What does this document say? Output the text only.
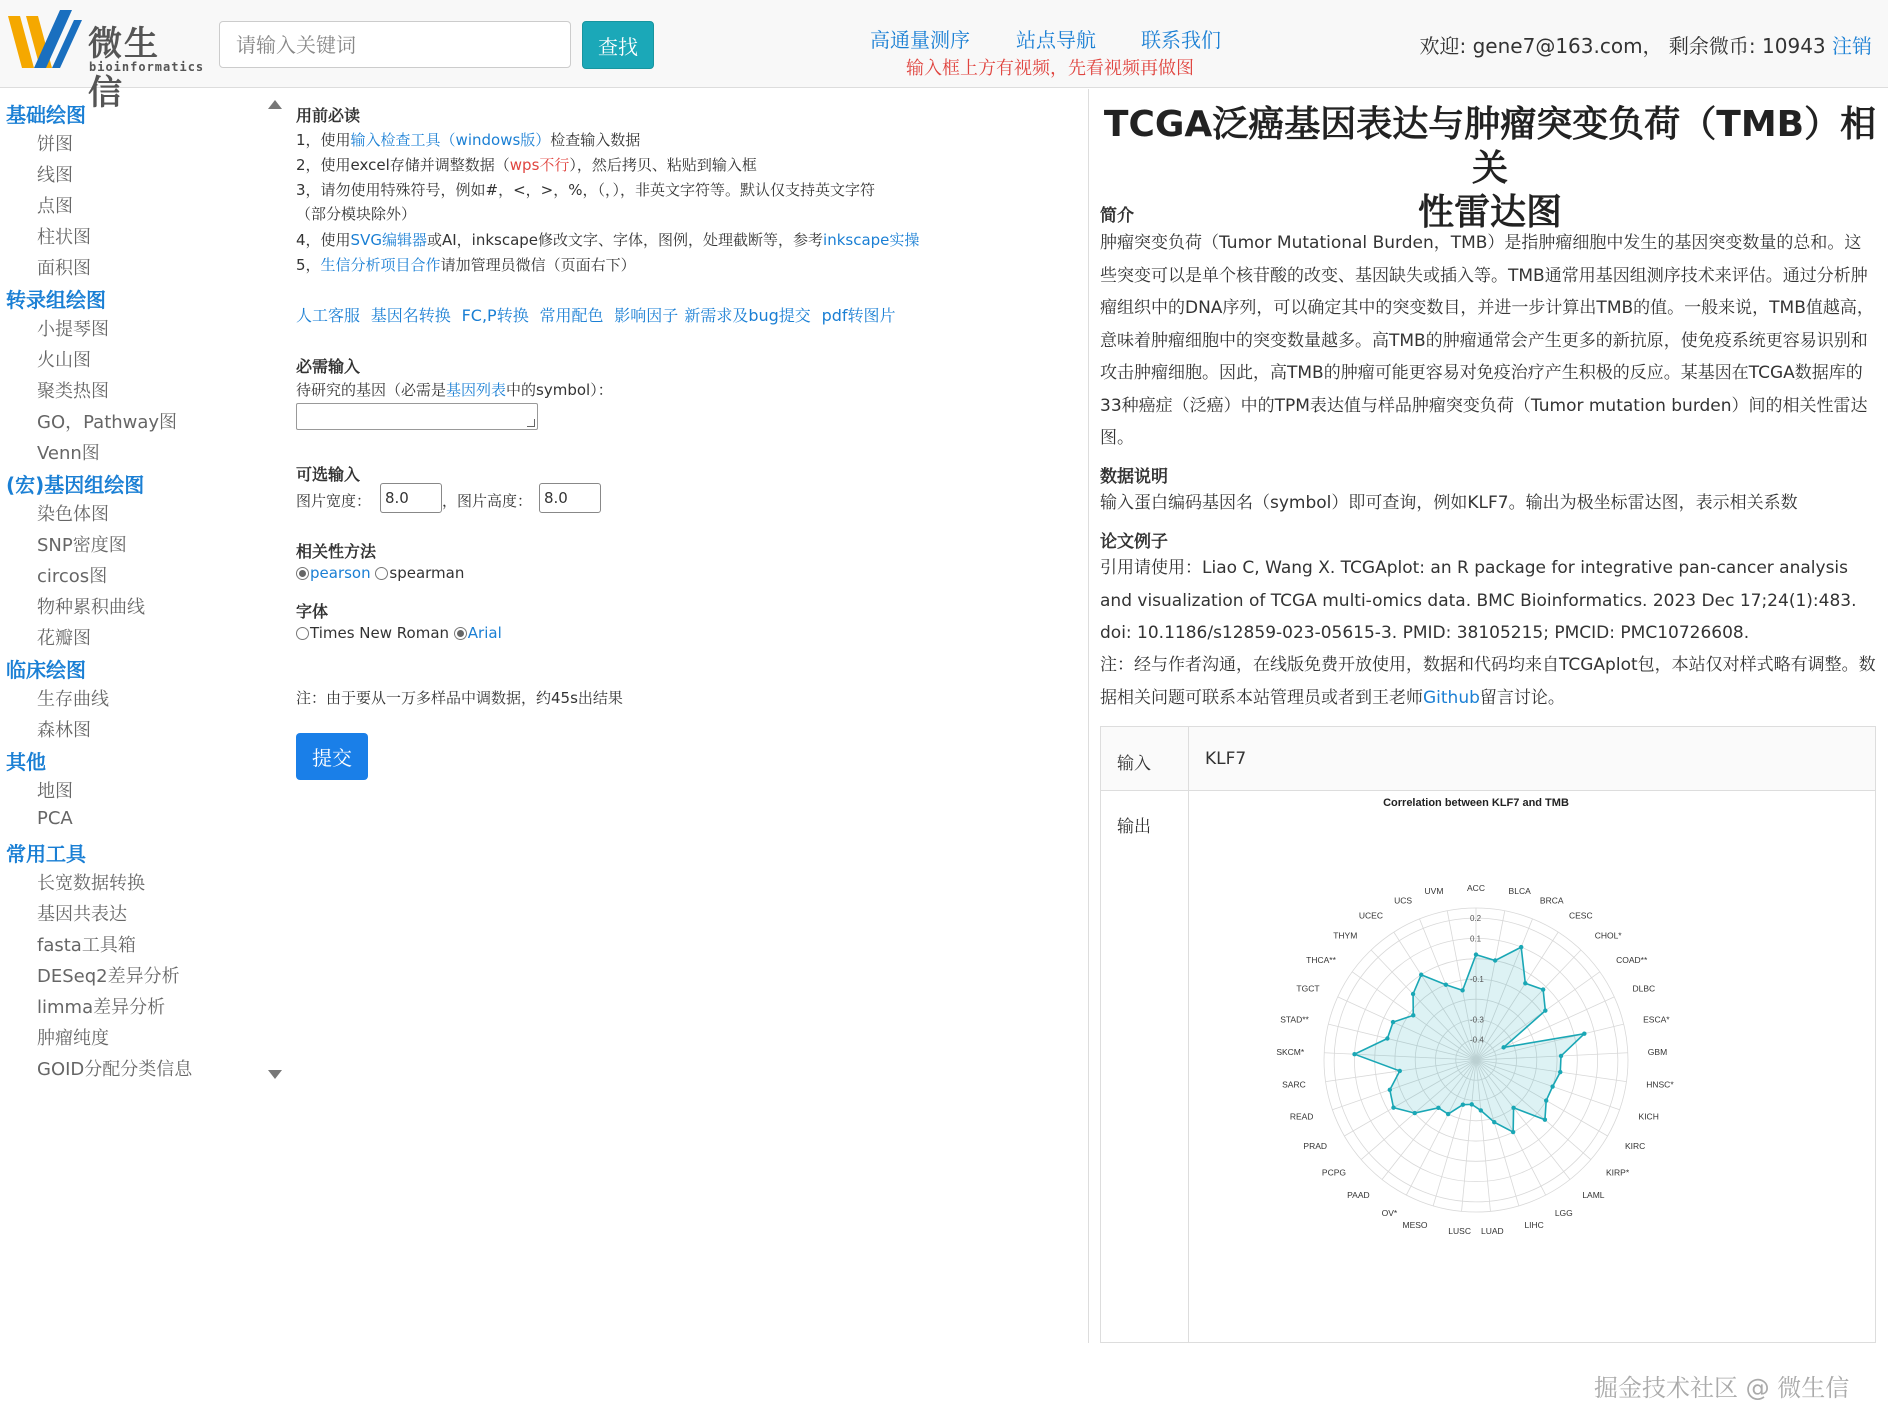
微生信
bioinformatics
请输入关键词
查找	高通量测序 站点导航 联系我们
输入框上方有视频，先看视频再做图
欢迎: gene7@163.com， 剩余微币: 10943 注销
基础绘图
饼图
线图
点图
柱状图
面积图
转录组绘图
小提琴图
火山图
聚类热图
GO，Pathway图
Venn图
(宏)基因组绘图
染色体图
SNP密度图
circos图
物种累积曲线
花瓣图
临床绘图
生存曲线
森林图
其他
地图
PCA
常用工具
长宽数据转换
基因共表达
fasta工具箱
DESeq2差异分析
limma差异分析
肿瘤纯度
GOID分配分类信息
用前必读
1，使用输入检查工具（windows版）检查输入数据
2，使用excel存储并调整数据（wps不行），然后拷贝、粘贴到输入框
3，请勿使用特殊符号，例如#，<，>，%，（，），非英文字符等。默认仅支持英文字符
（部分模块除外）
4，使用SVG编辑器或AI，inkscape修改文字、字体，图例，处理截断等，参考inkscape实操
5，生信分析项目合作请加管理员微信（页面右下）
人工客服 基因名转换 FC,P转换 常用配色 影响因子 新需求及bug提交 pdf转图片
必需输入
待研究的基因（必需是基因列表中的symbol）：
可选输入
图片宽度：
8.0	，图片高度：
8.0
相关性方法
pearson spearman
字体
Times New Roman Arial
注：由于要从一万多样品中调数据，约45s出结果
提交
TCGA泛癌基因表达与肿瘤突变负荷（TMB）相关
性雷达图
简介
肿瘤突变负荷（Tumor Mutational Burden，TMB）是指肿瘤细胞中发生的基因突变数量的总和。这些突变可以是单个核苷酸的改变、基因缺失或插入等。TMB通常用基因组测序技术来评估。通过分析肿瘤组织中的DNA序列，可以确定其中的突变数目，并进一步计算出TMB的值。一般来说，TMB值越高，意味着肿瘤细胞中的突变数量越多。高TMB的肿瘤通常会产生更多的新抗原，使免疫系统更容易识别和攻击肿瘤细胞。因此，高TMB的肿瘤可能更容易对免疫治疗产生积极的反应。某基因在TCGA数据库的33种癌症（泛癌）中的TPM表达值与样品肿瘤突变负荷（Tumor mutation burden）间的相关性雷达图。
数据说明
输入蛋白编码基因名（symbol）即可查询，例如KLF7。输出为极坐标雷达图，表示相关系数
论文例子
引用请使用：Liao C, Wang X. TCGAplot: an R package for integrative pan-cancer analysis and visualization of TCGA multi-omics data. BMC Bioinformatics. 2023 Dec 17;24(1):483. doi: 10.1186/s12859-023-05615-3. PMID: 38105215; PMCID: PMC10726608.
注：经与作者沟通，在线版免费开放使用，数据和代码均来自TCGAplot包，本站仅对样式略有调整。数据相关问题可联系本站管理员或者到王老师Github留言讨论。
输入	KLF7
输出
Correlation between KLF7 and TMB
0.2
0.1
-0.1
-0.3
-0.4
ACC	BLCA
BRCA
CESC
CHOL*
COAD**
DLBC
ESCA*
GBM
HNSC*
KICH
KIRC
KIRP*
LAML
LGG
LIHC
LUAD
LUSC
MESO
OV*
PAAD
PCPG
PRAD
READ
SARC
SKCM*
STAD**
TGCT
THCA**
THYM
UCEC
UCS
UVM
掘金技术社区 @ 微生信
